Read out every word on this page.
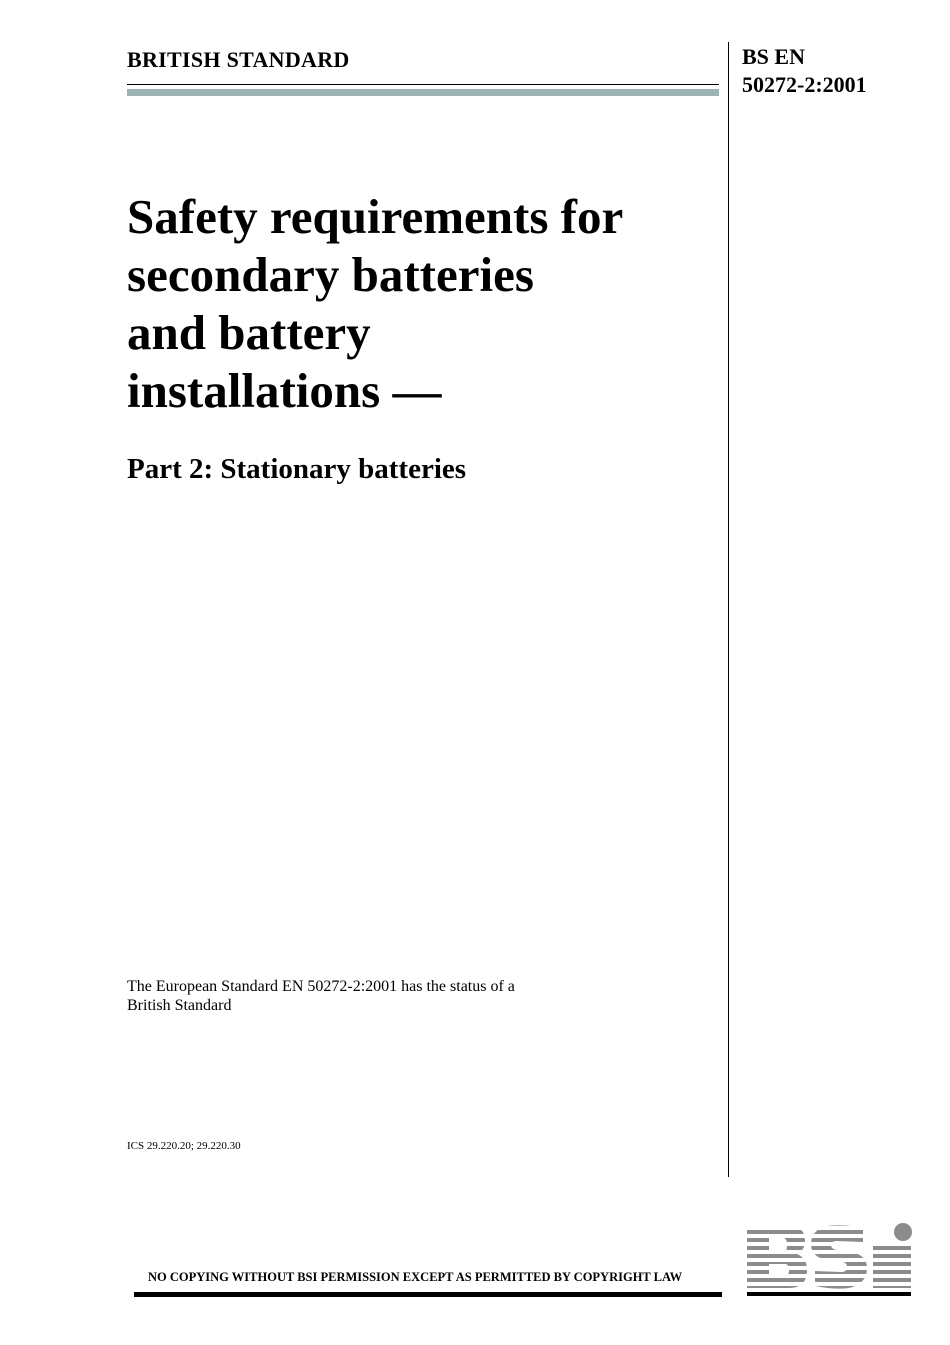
BRITISH STANDARD	BS EN
50272-2:2001
Safety requirements for
secondary batteries
and battery
installations —
Part 2: Stationary batteries

The European Standard EN 50272-2:2001 has the status of a
British Standard

ICS 29.220.20; 29.220.30

NO COPYING WITHOUT BSI PERMISSION EXCEPT AS PERMITTED BY COPYRIGHT LAW
